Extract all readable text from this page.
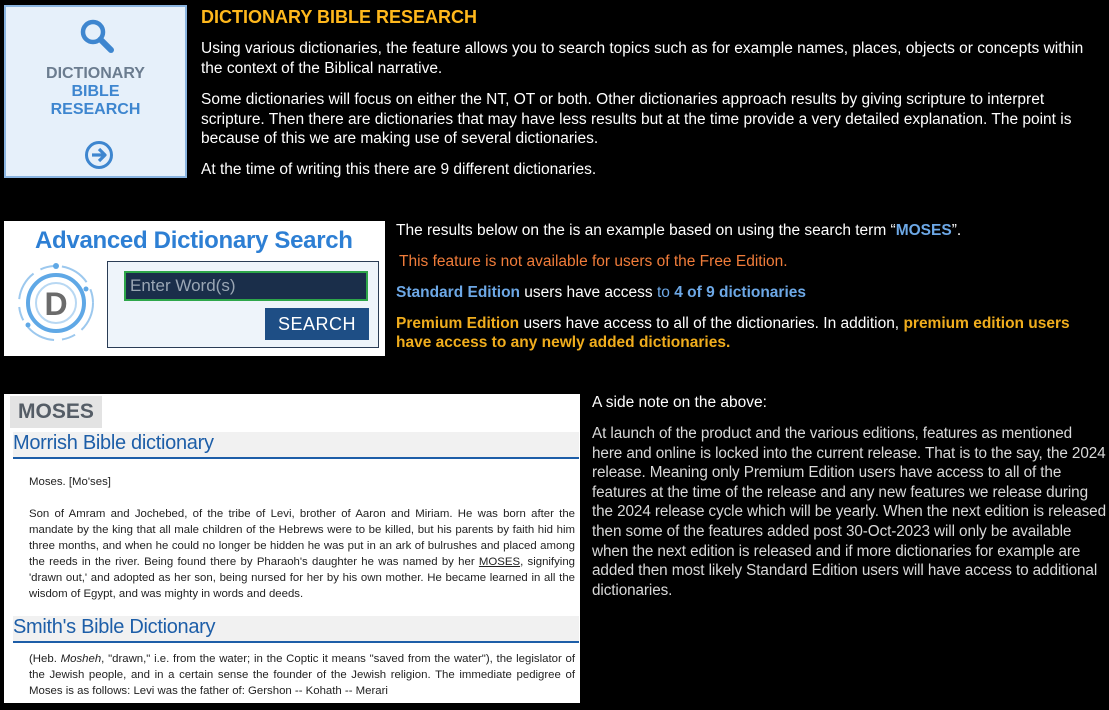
DICTIONARY
BIBLE
RESEARCH
DICTIONARY BIBLE RESEARCH

Using various dictionaries, the feature allows you to search topics such as for example names, places, objects or concepts within the context of the Biblical narrative.

Some dictionaries will focus on either the NT, OT or both. Other dictionaries approach results by giving scripture to interpret scripture. Then there are dictionaries that may have less results but at the time provide a very detailed explanation. The point is because of this we are making use of several dictionaries.

At the time of writing this there are 9 different dictionaries.

Advanced Dictionary Search
D
Enter Word(s)
SEARCH

The results below on the is an example based on using the search term “MOSES”.

This feature is not available for users of the Free Edition.

Standard Edition users have access to 4 of 9 dictionaries

Premium Edition users have access to all of the dictionaries. In addition, premium edition users have access to any newly added dictionaries.

MOSES
Morrish Bible dictionary

Moses. [Mo'ses]

Son of Amram and Jochebed, of the tribe of Levi, brother of Aaron and Miriam. He was born after the mandate by the king that all male children of the Hebrews were to be killed, but his parents by faith hid him three months, and when he could no longer be hidden he was put in an ark of bulrushes and placed among the reeds in the river. Being found there by Pharaoh's daughter he was named by her MOSES, signifying 'drawn out,' and adopted as her son, being nursed for her by his own mother. He became learned in all the wisdom of Egypt, and was mighty in words and deeds.

Smith's Bible Dictionary

(Heb. Mosheh, "drawn," i.e. from the water; in the Coptic it means "saved from the water"), the legislator of the Jewish people, and in a certain sense the founder of the Jewish religion. The immediate pedigree of Moses is as follows: Levi was the father of: Gershon -- Kohath -- Merari

A side note on the above:

At launch of the product and the various editions, features as mentioned here and online is locked into the current release. That is to the say, the 2024 release. Meaning only Premium Edition users have access to all of the features at the time of the release and any new features we release during the 2024 release cycle which will be yearly. When the next edition is released then some of the features added post 30-Oct-2023 will only be available when the next edition is released and if more dictionaries for example are added then most likely Standard Edition users will have access to additional dictionaries.
